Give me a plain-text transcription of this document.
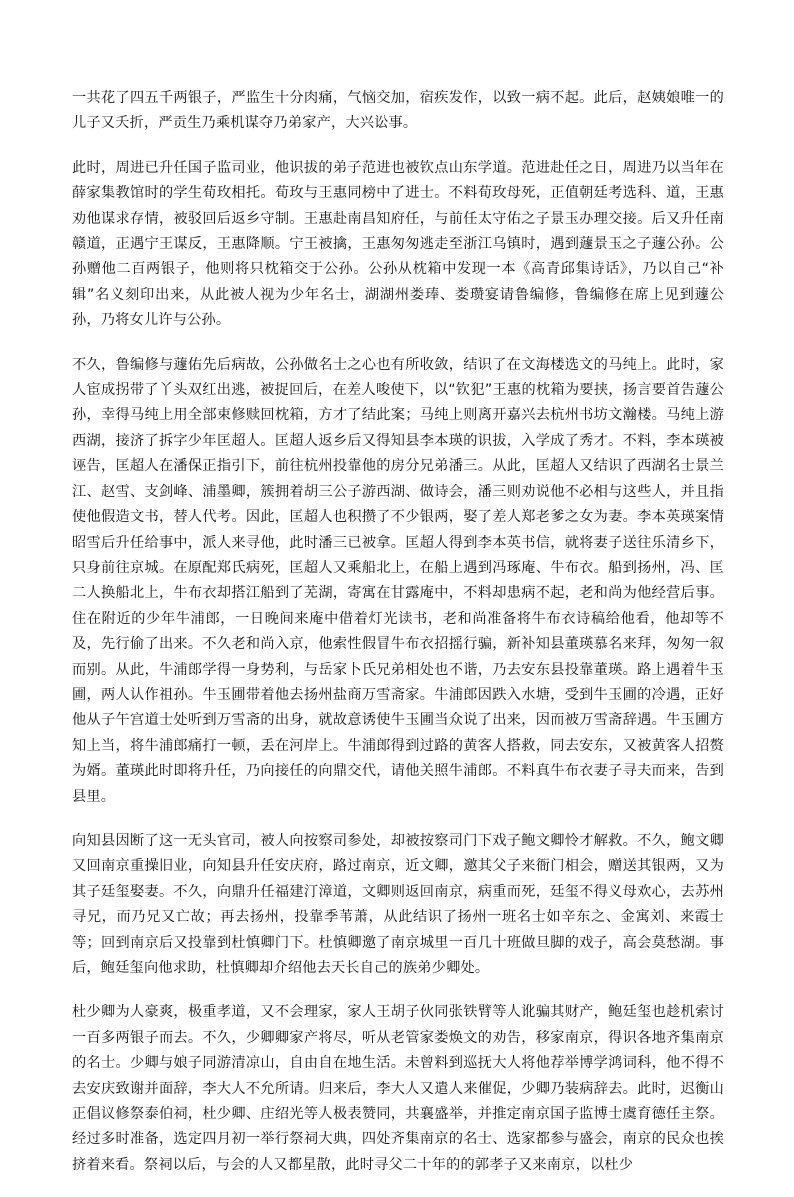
一共花了四五千两银子，严监生十分肉痛，气恼交加，宿疾发作，以致一病不起。此后，赵姨娘唯一的儿子又夭折，严贡生乃乘机谋夺乃弟家产，大兴讼事。

此时，周进已升任国子监司业，他识拔的弟子范进也被钦点山东学道。范进赴任之日，周进乃以当年在薛家集教馆时的学生荀玫相托。荀玫与王惠同榜中了进士。不料荀玫母死，正值朝廷考选科、道，王惠劝他谋求存情，被驳回后返乡守制。王惠赴南昌知府任，与前任太守佑之子景玉办理交接。后又升任南赣道，正遇宁王谋反，王惠降顺。宁王被擒，王惠匆匆逃走至浙江乌镇时，遇到蘧景玉之子蘧公孙。公孙赠他二百两银子，他则将只枕箱交于公孙。公孙从枕箱中发现一本《高青邱集诗话》，乃以自己“补辑”名义刻印出来，从此被人视为少年名士，湖湖州娄琫、娄瓒宴请鲁编修，鲁编修在席上见到蘧公孙，乃将女儿许与公孙。

不久，鲁编修与蘧佑先后病故，公孙做名士之心也有所收敛，结识了在文海楼选文的马纯上。此时，家人宦成拐带了丫头双红出逃，被捉回后，在差人唆使下，以“钦犯”王惠的枕箱为要挟，扬言要首告蘧公孙，幸得马纯上用全部束修赎回枕箱，方才了结此案；马纯上则离开嘉兴去杭州书坊文瀚楼。马纯上游西湖，接济了拆字少年匡超人。匡超人返乡后又得知县李本瑛的识拔，入学成了秀才。不料，李本瑛被诬告，匡超人在潘保正指引下，前往杭州投靠他的房分兄弟潘三。从此，匡超人又结识了西湖名士景兰江、赵雪、支剑峰、浦墨卿，簇拥着胡三公子游西湖、做诗会，潘三则劝说他不必相与这些人，并且指使他假造文书，替人代考。因此，匡超人也积攒了不少银两，娶了差人郑老爹之女为妻。李本英瑛案情昭雪后升任给事中，派人来寻他，此时潘三已被拿。匡超人得到李本英书信，就将妻子送往乐清乡下，只身前往京城。在原配郑氏病死，匡超人又乘船北上，在船上遇到冯琢庵、牛布衣。船到扬州，冯、匡二人换船北上，牛布衣却搭江船到了芜湖，寄寓在甘露庵中，不料却患病不起，老和尚为他经营后事。住在附近的少年牛浦郎，一日晚间来庵中借着灯光读书，老和尚准备将牛布衣诗稿给他看，他却等不及，先行偷了出来。不久老和尚入京，他索性假冒牛布衣招摇行骗，新补知县董瑛慕名来拜，匆匆一叙而别。从此，牛浦郎学得一身势利，与岳家卜氏兄弟相处也不谐，乃去安东县投靠董瑛。路上遇着牛玉圃，两人认作祖孙。牛玉圃带着他去扬州盐商万雪斋家。牛浦郎因跌入水塘，受到牛玉圃的冷遇，正好他从子午宫道士处听到万雪斋的出身，就故意诱使牛玉圃当众说了出来，因而被万雪斋辞遇。牛玉圃方知上当，将牛浦郎痛打一顿，丢在河岸上。牛浦郎得到过路的黄客人搭救，同去安东，又被黄客人招赘为婿。董瑛此时即将升任，乃向接任的向鼎交代，请他关照牛浦郎。不料真牛布衣妻子寻夫而来，告到县里。

向知县因断了这一无头官司，被人向按察司参处，却被按察司门下戏子鲍文卿怜才解救。不久，鲍文卿又回南京重操旧业，向知县升任安庆府，路过南京，近文卿，邀其父子来衙门相会，赠送其银两，又为其子廷玺娶妻。不久，向鼎升任福建汀漳道，文卿则返回南京，病重而死，廷玺不得义母欢心，去苏州寻兄，而乃兄又亡故；再去扬州，投靠季苇萧，从此结识了扬州一班名士如辛东之、金寓刘、来霞士等；回到南京后又投靠到杜慎卿门下。杜慎卿邀了南京城里一百几十班做旦脚的戏子，高会莫愁湖。事后，鲍廷玺向他求助，杜慎卿却介绍他去天长自己的族弟少卿处。

杜少卿为人豪爽，极重孝道，又不会理家，家人王胡子伙同张铁臂等人讹骗其财产，鲍廷玺也趁机索讨一百多两银子而去。不久，少卿卿家产将尽，听从老管家娄焕文的劝告，移家南京，得识各地齐集南京的名士。少卿与娘子同游清凉山，自由自在地生活。未曾料到巡抚大人将他荐举博学鸿词科，他不得不去安庆致谢并面辞，李大人不允所请。归来后，李大人又遣人来催促，少卿乃装病辞去。此时，迟衡山正倡议修祭泰伯祠，杜少卿、庄绍光等人极表赞同，共襄盛举，并推定南京国子监博士虞育德任主祭。经过多时准备，选定四月初一举行祭祠大典，四处齐集南京的名士、选家都参与盛会，南京的民众也挨挤着来看。祭祠以后，与会的人又都星散，此时寻父二十年的的郭孝子又来南京，以杜少
